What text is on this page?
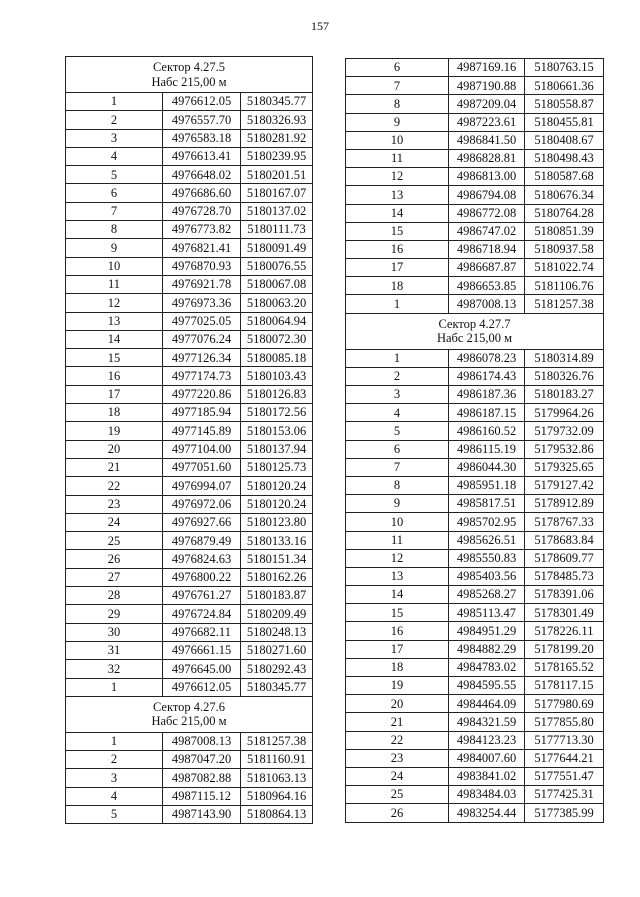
157
Сектор 4.27.5
Набс 215,00 м		

1	4976612.05	5180345.77
2	4976557.70	5180326.93
3	4976583.18	5180281.92
4	4976613.41	5180239.95
5	4976648.02	5180201.51
6	4976686.60	5180167.07
7	4976728.70	5180137.02
8	4976773.82	5180111.73
9	4976821.41	5180091.49
10	4976870.93	5180076.55
11	4976921.78	5180067.08
12	4976973.36	5180063.20
13	4977025.05	5180064.94
14	4977076.24	5180072.30
15	4977126.34	5180085.18
16	4977174.73	5180103.43
17	4977220.86	5180126.83
18	4977185.94	5180172.56
19	4977145.89	5180153.06
20	4977104.00	5180137.94
21	4977051.60	5180125.73
22	4976994.07	5180120.24
23	4976972.06	5180120.24
24	4976927.66	5180123.80
25	4976879.49	5180133.16
26	4976824.63	5180151.34
27	4976800.22	5180162.26
28	4976761.27	5180183.87
29	4976724.84	5180209.49
30	4976682.11	5180248.13
31	4976661.15	5180271.60
32	4976645.00	5180292.43
1	4976612.05	5180345.77

Сектор 4.27.6
Набс 215,00 м		

1	4987008.13	5181257.38
2	4987047.20	5181160.91
3	4987082.88	5181063.13
4	4987115.12	5180964.16
5	4987143.90	5180864.13
6	4987169.16	5180763.15
7	4987190.88	5180661.36
8	4987209.04	5180558.87
9	4987223.61	5180455.81
10	4986841.50	5180408.67
11	4986828.81	5180498.43
12	4986813.00	5180587.68
13	4986794.08	5180676.34
14	4986772.08	5180764.28
15	4986747.02	5180851.39
16	4986718.94	5180937.58
17	4986687.87	5181022.74
18	4986653.85	5181106.76
1	4987008.13	5181257.38

Сектор 4.27.7
Набс 215,00 м		

1	4986078.23	5180314.89
2	4986174.43	5180326.76
3	4986187.36	5180183.27
4	4986187.15	5179964.26
5	4986160.52	5179732.09
6	4986115.19	5179532.86
7	4986044.30	5179325.65
8	4985951.18	5179127.42
9	4985817.51	5178912.89
10	4985702.95	5178767.33
11	4985626.51	5178683.84
12	4985550.83	5178609.77
13	4985403.56	5178485.73
14	4985268.27	5178391.06
15	4985113.47	5178301.49
16	4984951.29	5178226.11
17	4984882.29	5178199.20
18	4984783.02	5178165.52
19	4984595.55	5178117.15
20	4984464.09	5177980.69
21	4984321.59	5177855.80
22	4984123.23	5177713.30
23	4984007.60	5177644.21
24	4983841.02	5177551.47
25	4983484.03	5177425.31
26	4983254.44	5177385.99
